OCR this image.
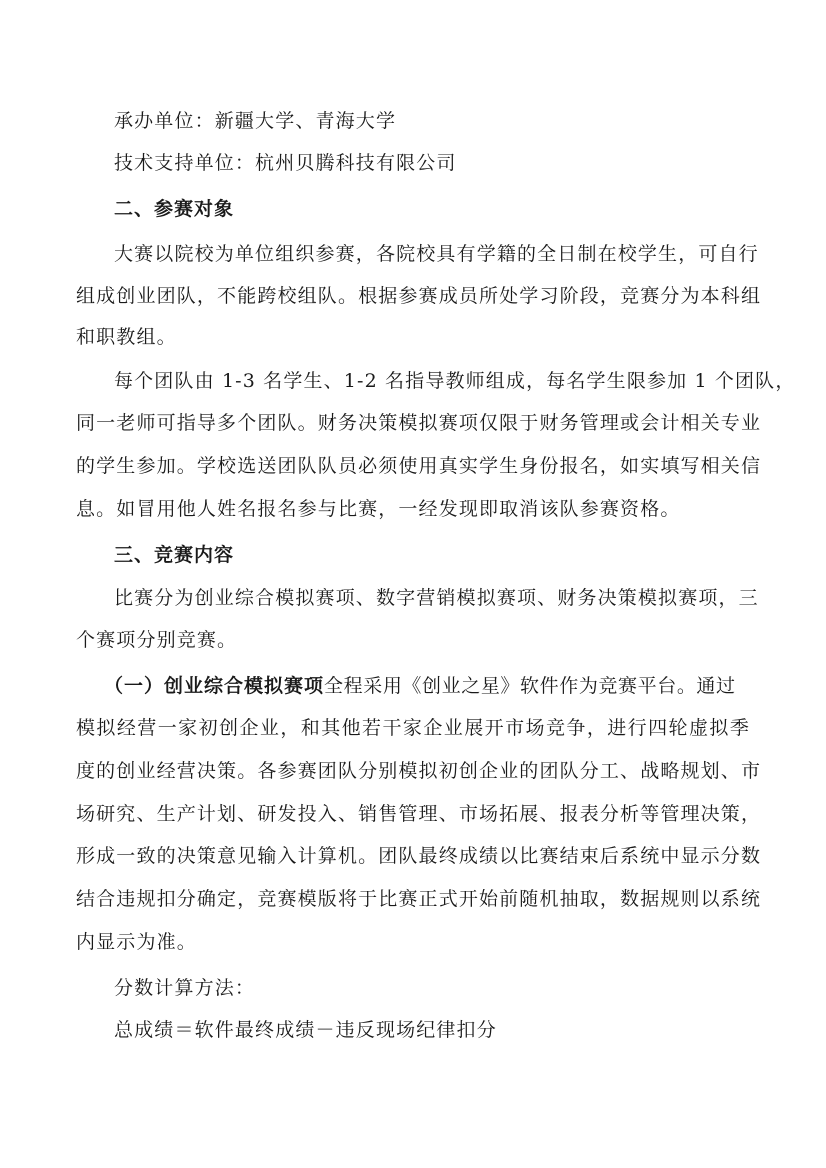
承办单位：新疆大学、青海大学
技术支持单位：杭州贝腾科技有限公司
二、参赛对象
大赛以院校为单位组织参赛，各院校具有学籍的全日制在校学生，可自行
组成创业团队，不能跨校组队。根据参赛成员所处学习阶段，竞赛分为本科组
和职教组。
每个团队由 1-3 名学生、1-2 名指导教师组成，每名学生限参加 1 个团队，
同一老师可指导多个团队。财务决策模拟赛项仅限于财务管理或会计相关专业
的学生参加。学校选送团队队员必须使用真实学生身份报名，如实填写相关信
息。如冒用他人姓名报名参与比赛，一经发现即取消该队参赛资格。
三、竞赛内容
比赛分为创业综合模拟赛项、数字营销模拟赛项、财务决策模拟赛项，三
个赛项分别竞赛。
（一）创业综合模拟赛项全程采用《创业之星》软件作为竞赛平台。通过
模拟经营一家初创企业，和其他若干家企业展开市场竞争，进行四轮虚拟季
度的创业经营决策。各参赛团队分别模拟初创企业的团队分工、战略规划、市
场研究、生产计划、研发投入、销售管理、市场拓展、报表分析等管理决策，
形成一致的决策意见输入计算机。团队最终成绩以比赛结束后系统中显示分数
结合违规扣分确定，竞赛模版将于比赛正式开始前随机抽取，数据规则以系统
内显示为准。
分数计算方法：
总成绩＝软件最终成绩－违反现场纪律扣分
